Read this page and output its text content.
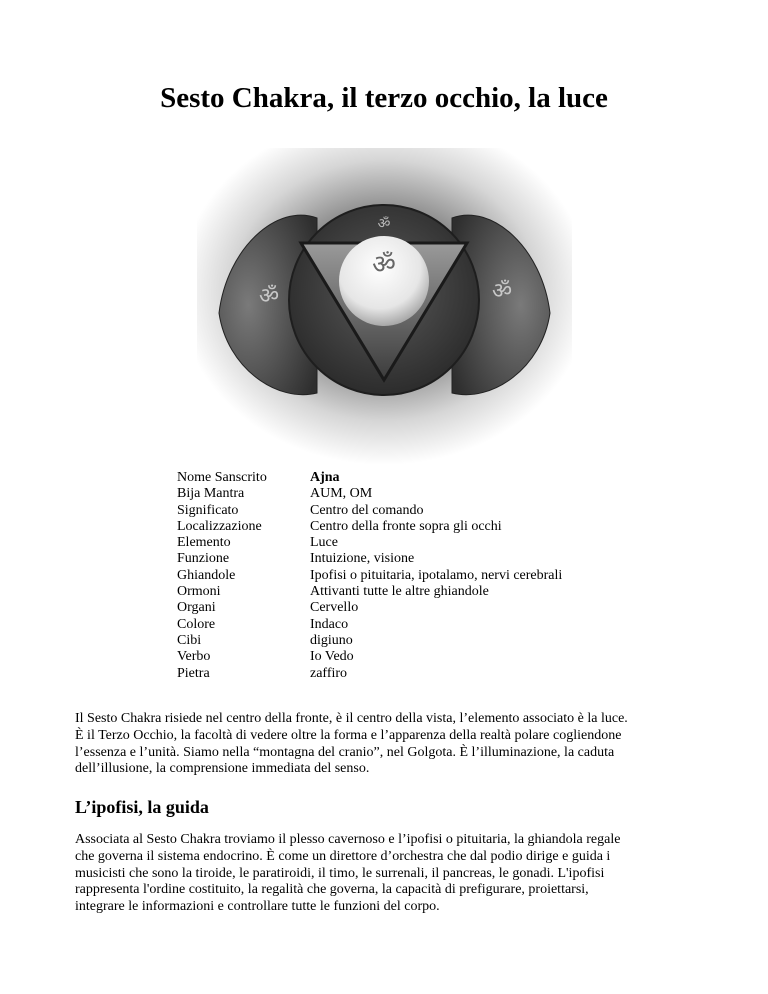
Sesto Chakra, il terzo occhio, la luce
ॐ	ॐ
ॐ
ॐ
Nome Sanscrito	Ajna
Bija Mantra	AUM, OM
Significato	Centro del comando
Localizzazione	Centro della fronte sopra gli occhi
Elemento	Luce
Funzione	Intuizione, visione
Ghiandole	Ipofisi o pituitaria, ipotalamo, nervi cerebrali
Ormoni	Attivanti tutte le altre ghiandole
Organi	Cervello
Colore	Indaco
Cibi	digiuno
Verbo	Io Vedo
Pietra	zaffiro

Il Sesto Chakra risiede nel centro della fronte, è il centro della vista, l’elemento associato è la luce.
È il Terzo Occhio, la facoltà di vedere oltre la forma e l’apparenza della realtà polare cogliendone
l’essenza e l’unità. Siamo nella “montagna del cranio”, nel Golgota. È l’illuminazione, la caduta
dell’illusione, la comprensione immediata del senso.

L’ipofisi, la guida

Associata al Sesto Chakra troviamo il plesso cavernoso e l’ipofisi o pituitaria, la ghiandola regale
che governa il sistema endocrino. È come un direttore d’orchestra che dal podio dirige e guida i
musicisti che sono la tiroide, le paratiroidi, il timo, le surrenali, il pancreas, le gonadi. L'ipofisi
rappresenta l'ordine costituito, la regalità che governa, la capacità di prefigurare, proiettarsi,
integrare le informazioni e controllare tutte le funzioni del corpo.
